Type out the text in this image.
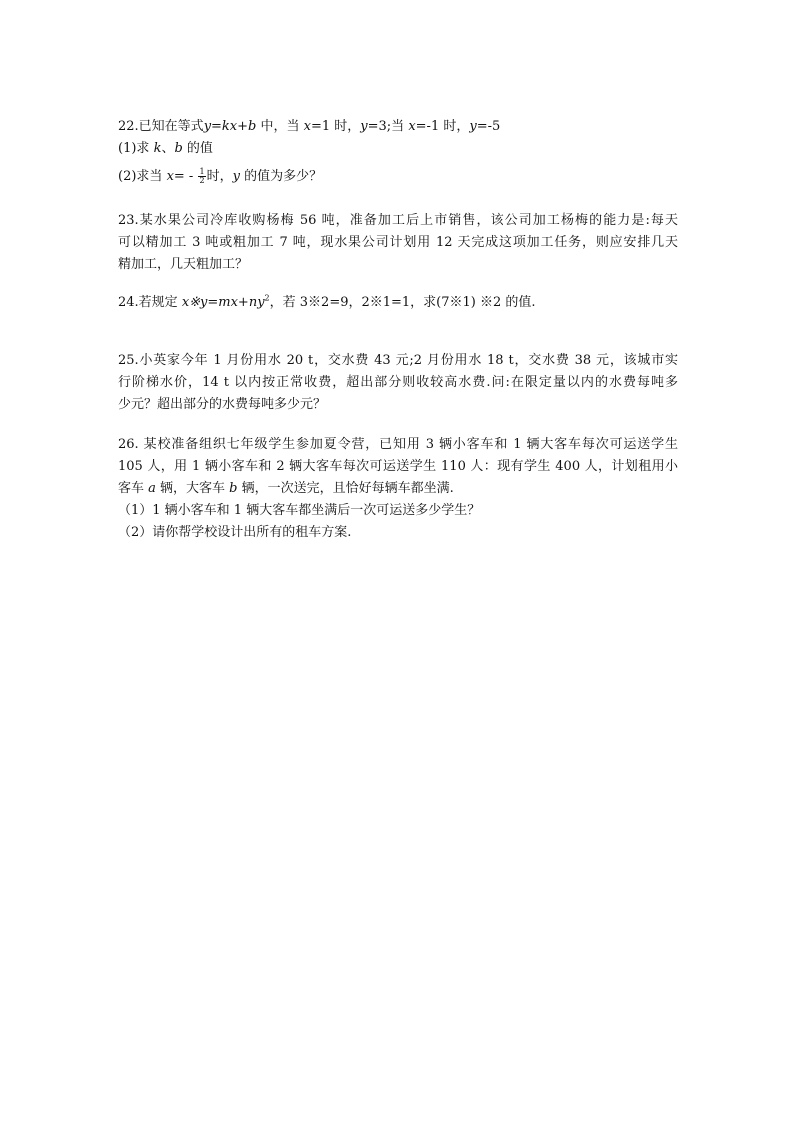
22.已知在等式y=kx+b 中，当 x=1 时，y=3;当 x=-1 时，y=-5
(1)求 k、b 的值
(2)求当 $x= - \frac{1}{2}$ 时，y 的值为多少？
23.某水果公司冷库收购杨梅 56 吨，准备加工后上市销售，该公司加工杨梅的能力是:每天
可以精加工 3 吨或粗加工 7 吨，现水果公司计划用 12 天完成这项加工任务，则应安排几天
精加工，几天粗加工？
24.若规定 $x※y=mx+ny^2$，若 3※2=9，2※1=1，求(7※1) ※2 的值.
25.小英家今年 1 月份用水 20 t，交水费 43 元;2 月份用水 18 t，交水费 38 元，该城市实
行阶梯水价，14 t 以内按正常收费，超出部分则收较高水费.问:在限定量以内的水费每吨多
少元？超出部分的水费每吨多少元？
26. 某校准备组织七年级学生参加夏令营，已知用 3 辆小客车和 1 辆大客车每次可运送学生
105 人，用 1 辆小客车和 2 辆大客车每次可运送学生 110 人：现有学生 400 人，计划租用小
客车 a 辆，大客车 b 辆，一次送完，且恰好每辆车都坐满.
（1）1 辆小客车和 1 辆大客车都坐满后一次可运送多少学生？
（2）请你帮学校设计出所有的租车方案.
